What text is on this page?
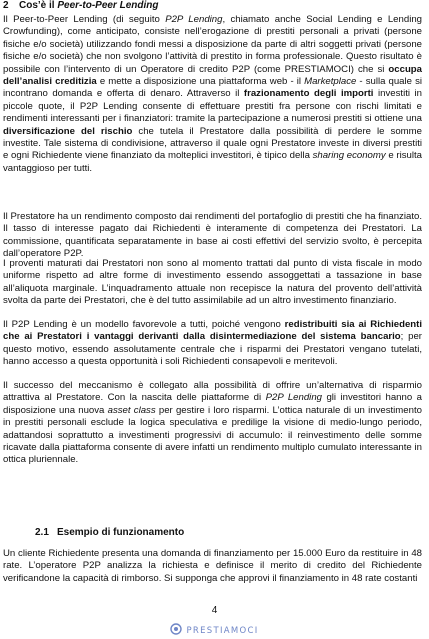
2 Cos’è il Peer-to-Peer Lending

Il Peer-to-Peer Lending (di seguito P2P Lending, chiamato anche Social Lending e Lending Crowfunding), come anticipato, consiste nell’erogazione di prestiti personali a privati (persone fisiche e/o società) utilizzando fondi messi a disposizione da parte di altri soggetti privati (persone fisiche e/o società) che non svolgono l’attività di prestito in forma professionale. Questo risultato è possibile con l’intervento di un Operatore di credito P2P (come PRESTIAMOCI) che si occupa dell’analisi creditizia e mette a disposizione una piattaforma web - il Marketplace - sulla quale si incontrano domanda e offerta di denaro. Attraverso il frazionamento degli importi investiti in piccole quote, il P2P Lending consente di effettuare prestiti fra persone con rischi limitati e rendimenti interessanti per i finanziatori: tramite la partecipazione a numerosi prestiti si ottiene una diversificazione del rischio che tutela il Prestatore dalla possibilità di perdere le somme investite. Tale sistema di condivisione, attraverso il quale ogni Prestatore investe in diversi prestiti e ogni Richiedente viene finanziato da molteplici investitori, è tipico della sharing economy e risulta vantaggioso per tutti.

Il Prestatore ha un rendimento composto dai rendimenti del portafoglio di prestiti che ha finanziato. Il tasso di interesse pagato dai Richiedenti è interamente di competenza dei Prestatori. La commissione, quantificata separatamente in base ai costi effettivi del servizio svolto, è percepita dall’operatore P2P.

I proventi maturati dai Prestatori non sono al momento trattati dal punto di vista fiscale in modo uniforme rispetto ad altre forme di investimento essendo assoggettati a tassazione in base all’aliquota marginale. L’inquadramento attuale non recepisce la natura del provento dell’attività svolta da parte dei Prestatori, che è del tutto assimilabile ad un altro investimento finanziario.

Il P2P Lending è un modello favorevole a tutti, poiché vengono redistribuiti sia ai Richiedenti che ai Prestatori i vantaggi derivanti dalla disintermediazione del sistema bancario; per questo motivo, essendo assolutamente centrale che i risparmi dei Prestatori vengano tutelati, hanno accesso a questa opportunità i soli Richiedenti consapevoli e meritevoli.

Il successo del meccanismo è collegato alla possibilità di offrire un’alternativa di risparmio attrattiva al Prestatore. Con la nascita delle piattaforme di P2P Lending gli investitori hanno a disposizione una nuova asset class per gestire i loro risparmi. L’ottica naturale di un investimento in prestiti personali esclude la logica speculativa e predilige la visione di medio-lungo periodo, adattandosi soprattutto a investimenti progressivi di accumulo: il reinvestimento delle somme ricavate dalla piattaforma consente di avere infatti un rendimento multiplo cumulato interessante in ottica pluriennale.

2.1 Esempio di funzionamento

Un cliente Richiedente presenta una domanda di finanziamento per 15.000 Euro da restituire in 48 rate. L’operatore P2P analizza la richiesta e definisce il merito di credito del Richiedente verificandone la capacità di rimborso. Si supponga che approvi il finanziamento in 48 rate costanti

4
PRESTIAMOCI
